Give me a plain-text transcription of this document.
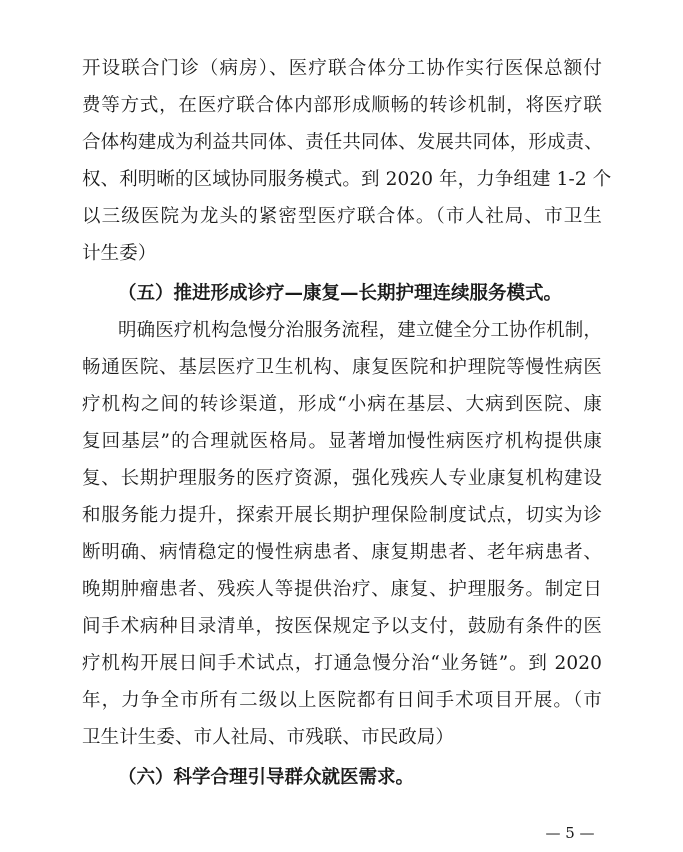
开设联合门诊（病房）、医疗联合体分工协作实行医保总额付
费等方式，在医疗联合体内部形成顺畅的转诊机制，将医疗联
合体构建成为利益共同体、责任共同体、发展共同体，形成责、
权、利明晰的区域协同服务模式。到 2020 年，力争组建 1-2 个
以三级医院为龙头的紧密型医疗联合体。（市人社局、市卫生
计生委）
（五）推进形成诊疗—康复—长期护理连续服务模式。
明确医疗机构急慢分治服务流程，建立健全分工协作机制，
畅通医院、基层医疗卫生机构、康复医院和护理院等慢性病医
疗机构之间的转诊渠道，形成“小病在基层、大病到医院、康
复回基层”的合理就医格局。显著增加慢性病医疗机构提供康
复、长期护理服务的医疗资源，强化残疾人专业康复机构建设
和服务能力提升，探索开展长期护理保险制度试点，切实为诊
断明确、病情稳定的慢性病患者、康复期患者、老年病患者、
晚期肿瘤患者、残疾人等提供治疗、康复、护理服务。制定日
间手术病种目录清单，按医保规定予以支付，鼓励有条件的医
疗机构开展日间手术试点，打通急慢分治“业务链”。到 2020
年，力争全市所有二级以上医院都有日间手术项目开展。（市
卫生计生委、市人社局、市残联、市民政局）
（六）科学合理引导群众就医需求。
— 5 —
